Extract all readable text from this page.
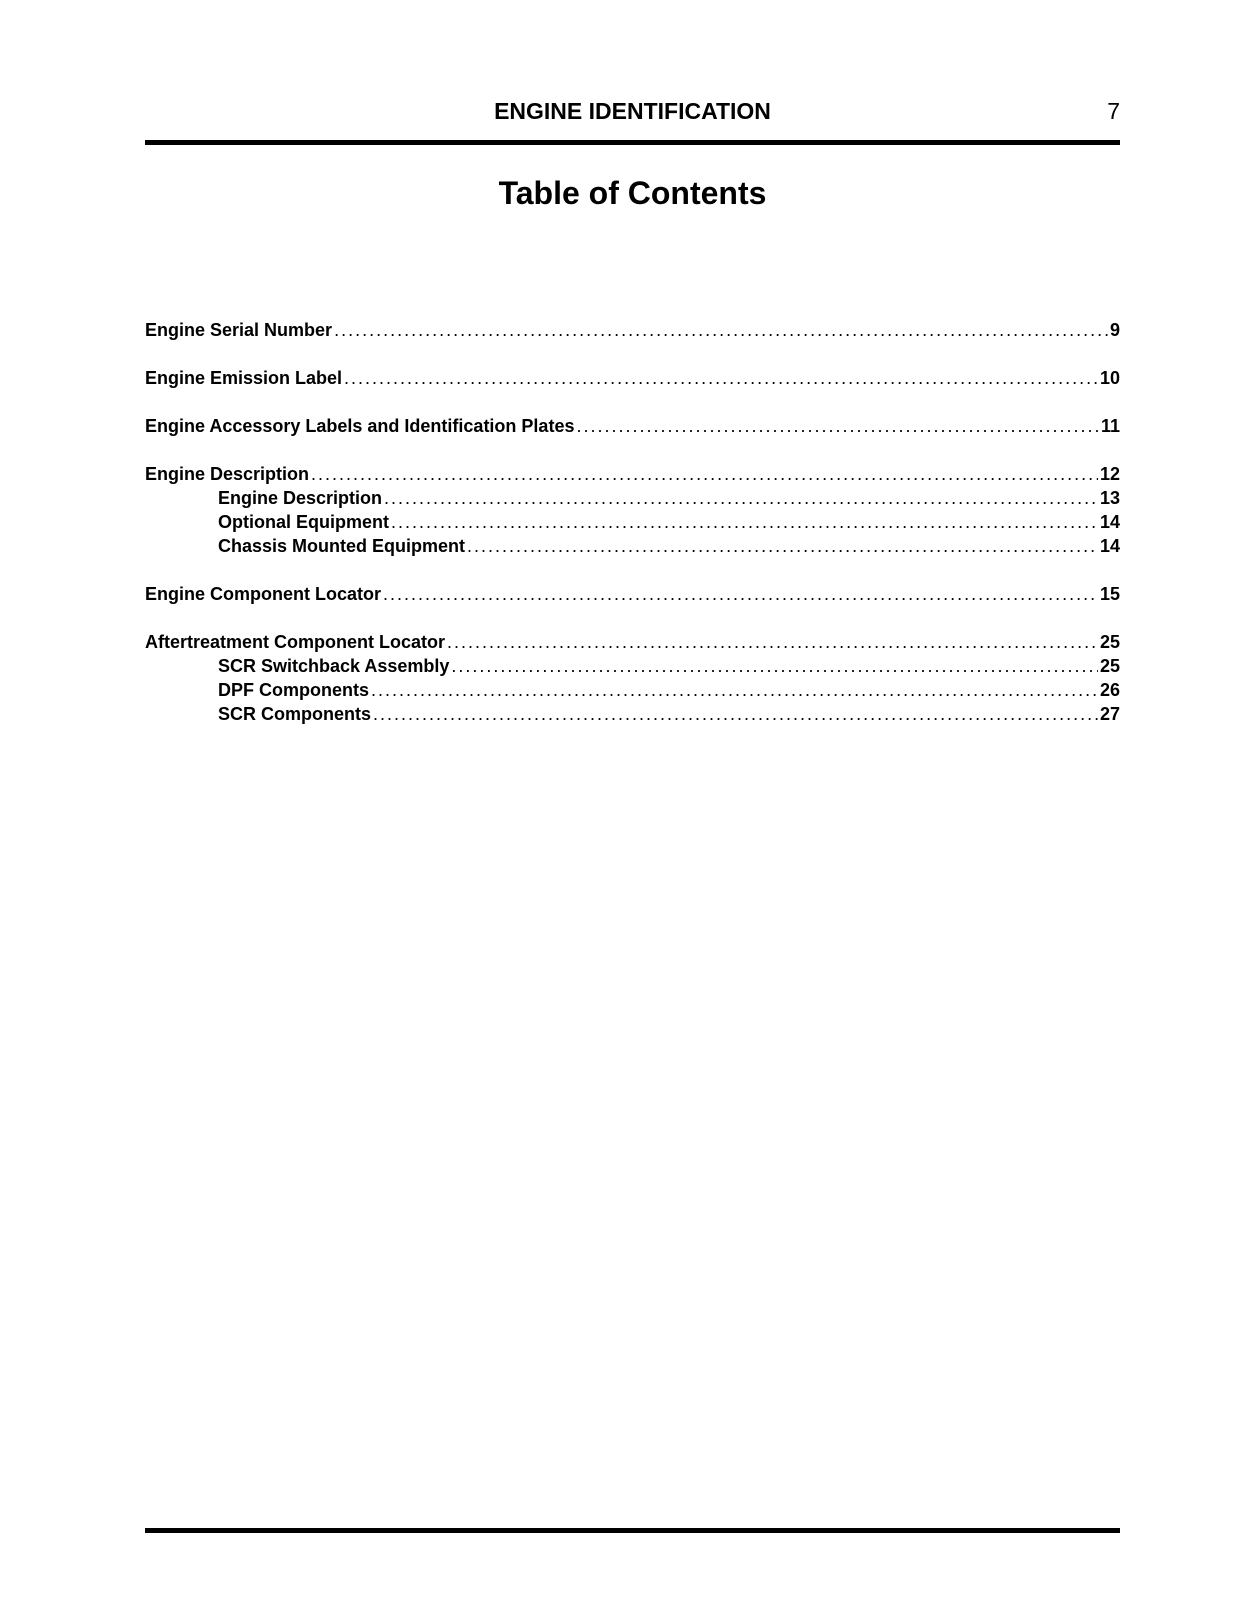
ENGINE IDENTIFICATION	7
Table of Contents
Engine Serial Number .....	9
Engine Emission Label .....	10
Engine Accessory Labels and Identification Plates .....	11
Engine Description .....	12
Engine Description .....	13
Optional Equipment .....	14
Chassis Mounted Equipment .....	14
Engine Component Locator .....	15
Aftertreatment Component Locator .....	25
SCR Switchback Assembly .....	25
DPF Components .....	26
SCR Components .....	27
